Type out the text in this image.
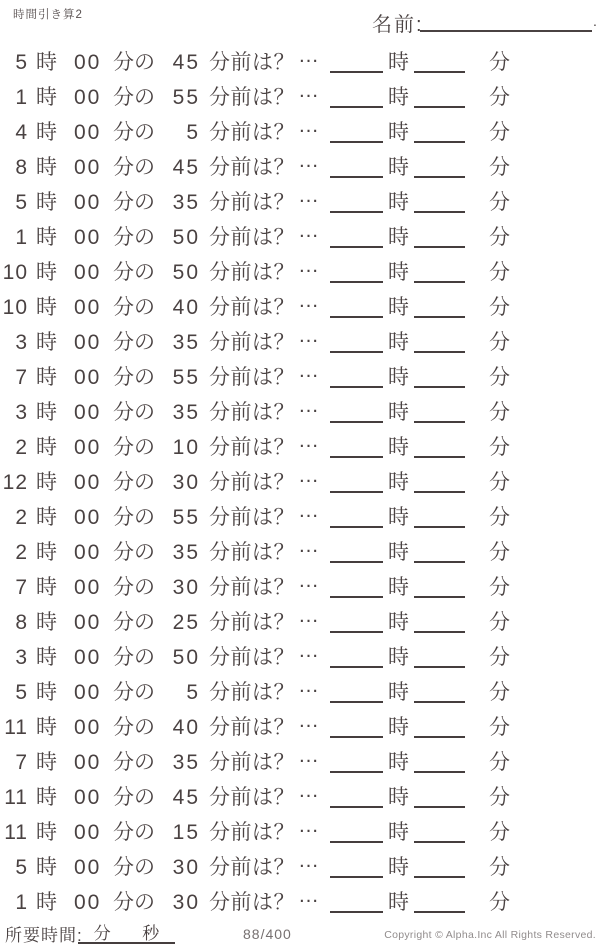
時間引き算2	名前:	.
5 時 00 分の 45 分前は？ …	時	分
1 時 00 分の 55 分前は？ …	時	分
4 時 00 分の	5 分前は？ …	時	分
8 時 00 分の 45 分前は？ …	時	分
5 時 00 分の 35 分前は？ …	時	分
1 時 00 分の 50 分前は？ …	時	分
10 時 00 分の 50 分前は？ …	時	分
10 時 00 分の 40 分前は？ …	時	分
3 時 00 分の 35 分前は？ …	時	分
7 時 00 分の 55 分前は？ …	時	分
3 時 00 分の 35 分前は？ …	時	分
2 時 00 分の 10 分前は？ …	時	分
12 時 00 分の 30 分前は？ …	時	分
2 時 00 分の 55 分前は？ …	時	分
2 時 00 分の 35 分前は？ …	時	分
7 時 00 分の 30 分前は？ …	時	分
8 時 00 分の 25 分前は？ …	時	分
3 時 00 分の 50 分前は？ …	時	分
5 時 00 分の	5 分前は？ …	時	分
11 時 00 分の 40 分前は？ …	時	分
7 時 00 分の 35 分前は？ …	時	分
11 時 00 分の 45 分前は？ …	時	分
11 時 00 分の 15 分前は？ …	時	分
5 時 00 分の 30 分前は？ …	時	分
1 時 00 分の 30 分前は？ …	時	分
所要時間: 分 秒	88/400	Copyright © Alpha.Inc All Rights Reserved.
